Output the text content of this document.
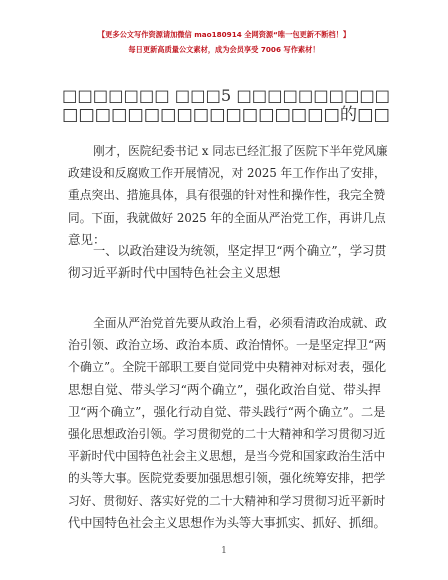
【更多公文写作资源请加微信 mao180914 全网资源“唯一包更新不断档！】
每日更新高质量公文素材，成为会员享受 7006 写作素材！
□□□□□□□ □□□5 □□□□□□□□□□
□□□□□□□□□□□□□□□□□的□□
刚才，医院纪委书记 x 同志已经汇报了医院下半年党风廉
政建设和反腐败工作开展情况，对 2025 年工作作出了安排，
重点突出、措施具体，具有很强的针对性和操作性，我完全赞
同。下面，我就做好 2025 年的全面从严治党工作，再讲几点
意见：
一、以政治建设为统领，坚定捍卫“两个确立”，学习贯
彻习近平新时代中国特色社会主义思想
全面从严治党首先要从政治上看，必须看清政治成就、政
治引领、政治立场、政治本质、政治情怀。一是坚定捍卫“两
个确立”。全院干部职工要自觉同党中央精神对标对表，强化
思想自觉、带头学习“两个确立”，强化政治自觉、带头捍
卫“两个确立”，强化行动自觉、带头践行“两个确立”。二是
强化思想政治引领。学习贯彻党的二十大精神和学习贯彻习近
平新时代中国特色社会主义思想，是当今党和国家政治生活中
的头等大事。医院党委要加强思想引领，强化统筹安排，把学
习好、贯彻好、落实好党的二十大精神和学习贯彻习近平新时
代中国特色社会主义思想作为头等大事抓实、抓好、抓细。
1
